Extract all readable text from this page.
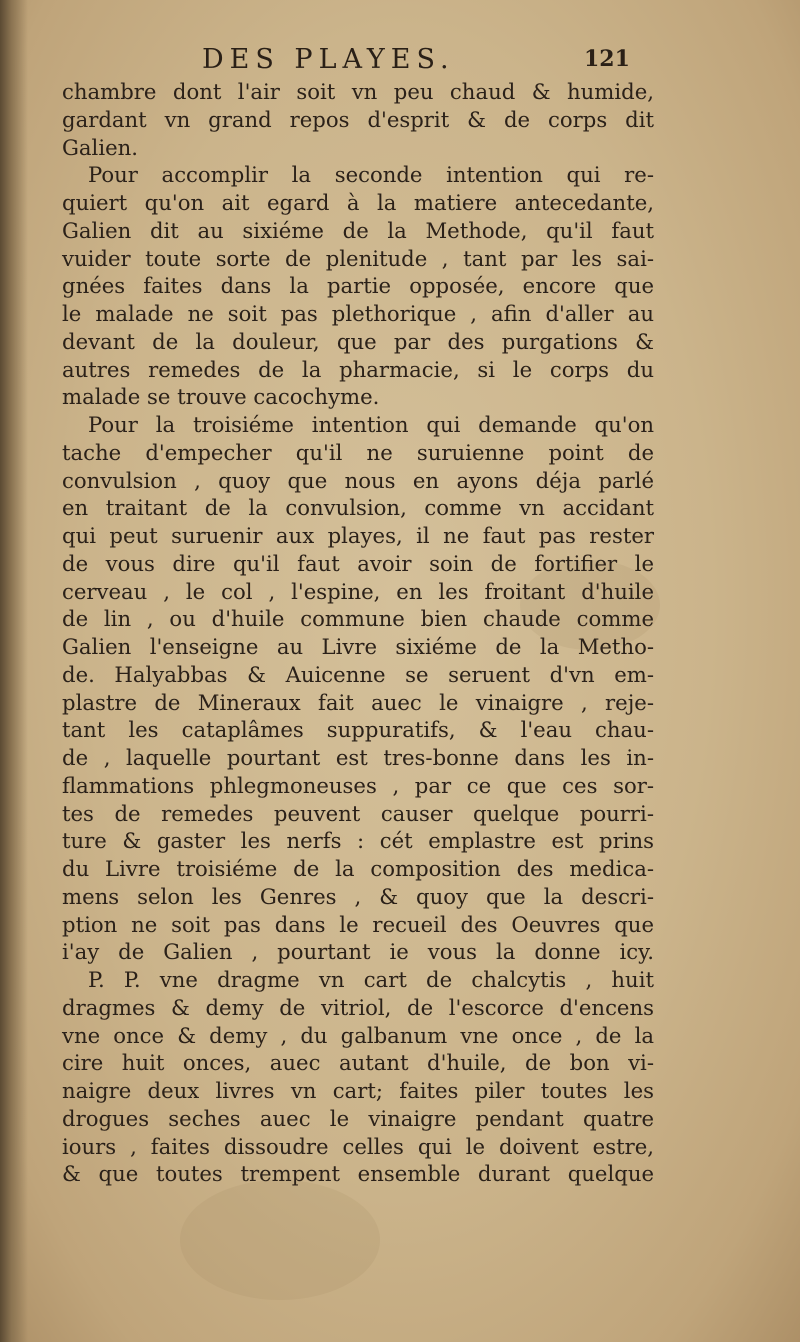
DES PLAYES.	121
chambre dont l'air soit vn peu chaud & humide,
gardant vn grand repos d'esprit & de corps dit
Galien.
Pour accomplir la seconde intention qui re-
quiert qu'on ait egard à la matiere antecedante,
Galien dit au sixiéme de la Methode, qu'il faut
vuider toute sorte de plenitude , tant par les sai-
gnées faites dans la partie opposée, encore que
le malade ne soit pas plethorique , afin d'aller au
devant de la douleur, que par des purgations &
autres remedes de la pharmacie, si le corps du
malade se trouve cacochyme.
Pour la troisiéme intention qui demande qu'on
tache d'empecher qu'il ne suruienne point de
convulsion , quoy que nous en ayons déja parlé
en traitant de la convulsion, comme vn accidant
qui peut suruenir aux playes, il ne faut pas rester
de vous dire qu'il faut avoir soin de fortifier le
cerveau , le col , l'espine, en les froitant d'huile
de lin , ou d'huile commune bien chaude comme
Galien l'enseigne au Livre sixiéme de la Metho-
de. Halyabbas & Auicenne se seruent d'vn em-
plastre de Mineraux fait auec le vinaigre , reje-
tant les cataplâmes suppuratifs, & l'eau chau-
de , laquelle pourtant est tres-bonne dans les in-
flammations phlegmoneuses , par ce que ces sor-
tes de remedes peuvent causer quelque pourri-
ture & gaster les nerfs : cét emplastre est prins
du Livre troisiéme de la composition des medica-
mens selon les Genres , & quoy que la descri-
ption ne soit pas dans le recueil des Oeuvres que
i'ay de Galien , pourtant ie vous la donne icy.
P. P. vne dragme vn cart de chalcytis , huit
dragmes & demy de vitriol, de l'escorce d'encens
vne once & demy , du galbanum vne once , de la
cire huit onces, auec autant d'huile, de bon vi-
naigre deux livres vn cart; faites piler toutes les
drogues seches auec le vinaigre pendant quatre
iours , faites dissoudre celles qui le doivent estre,
& que toutes trempent ensemble durant quelque
